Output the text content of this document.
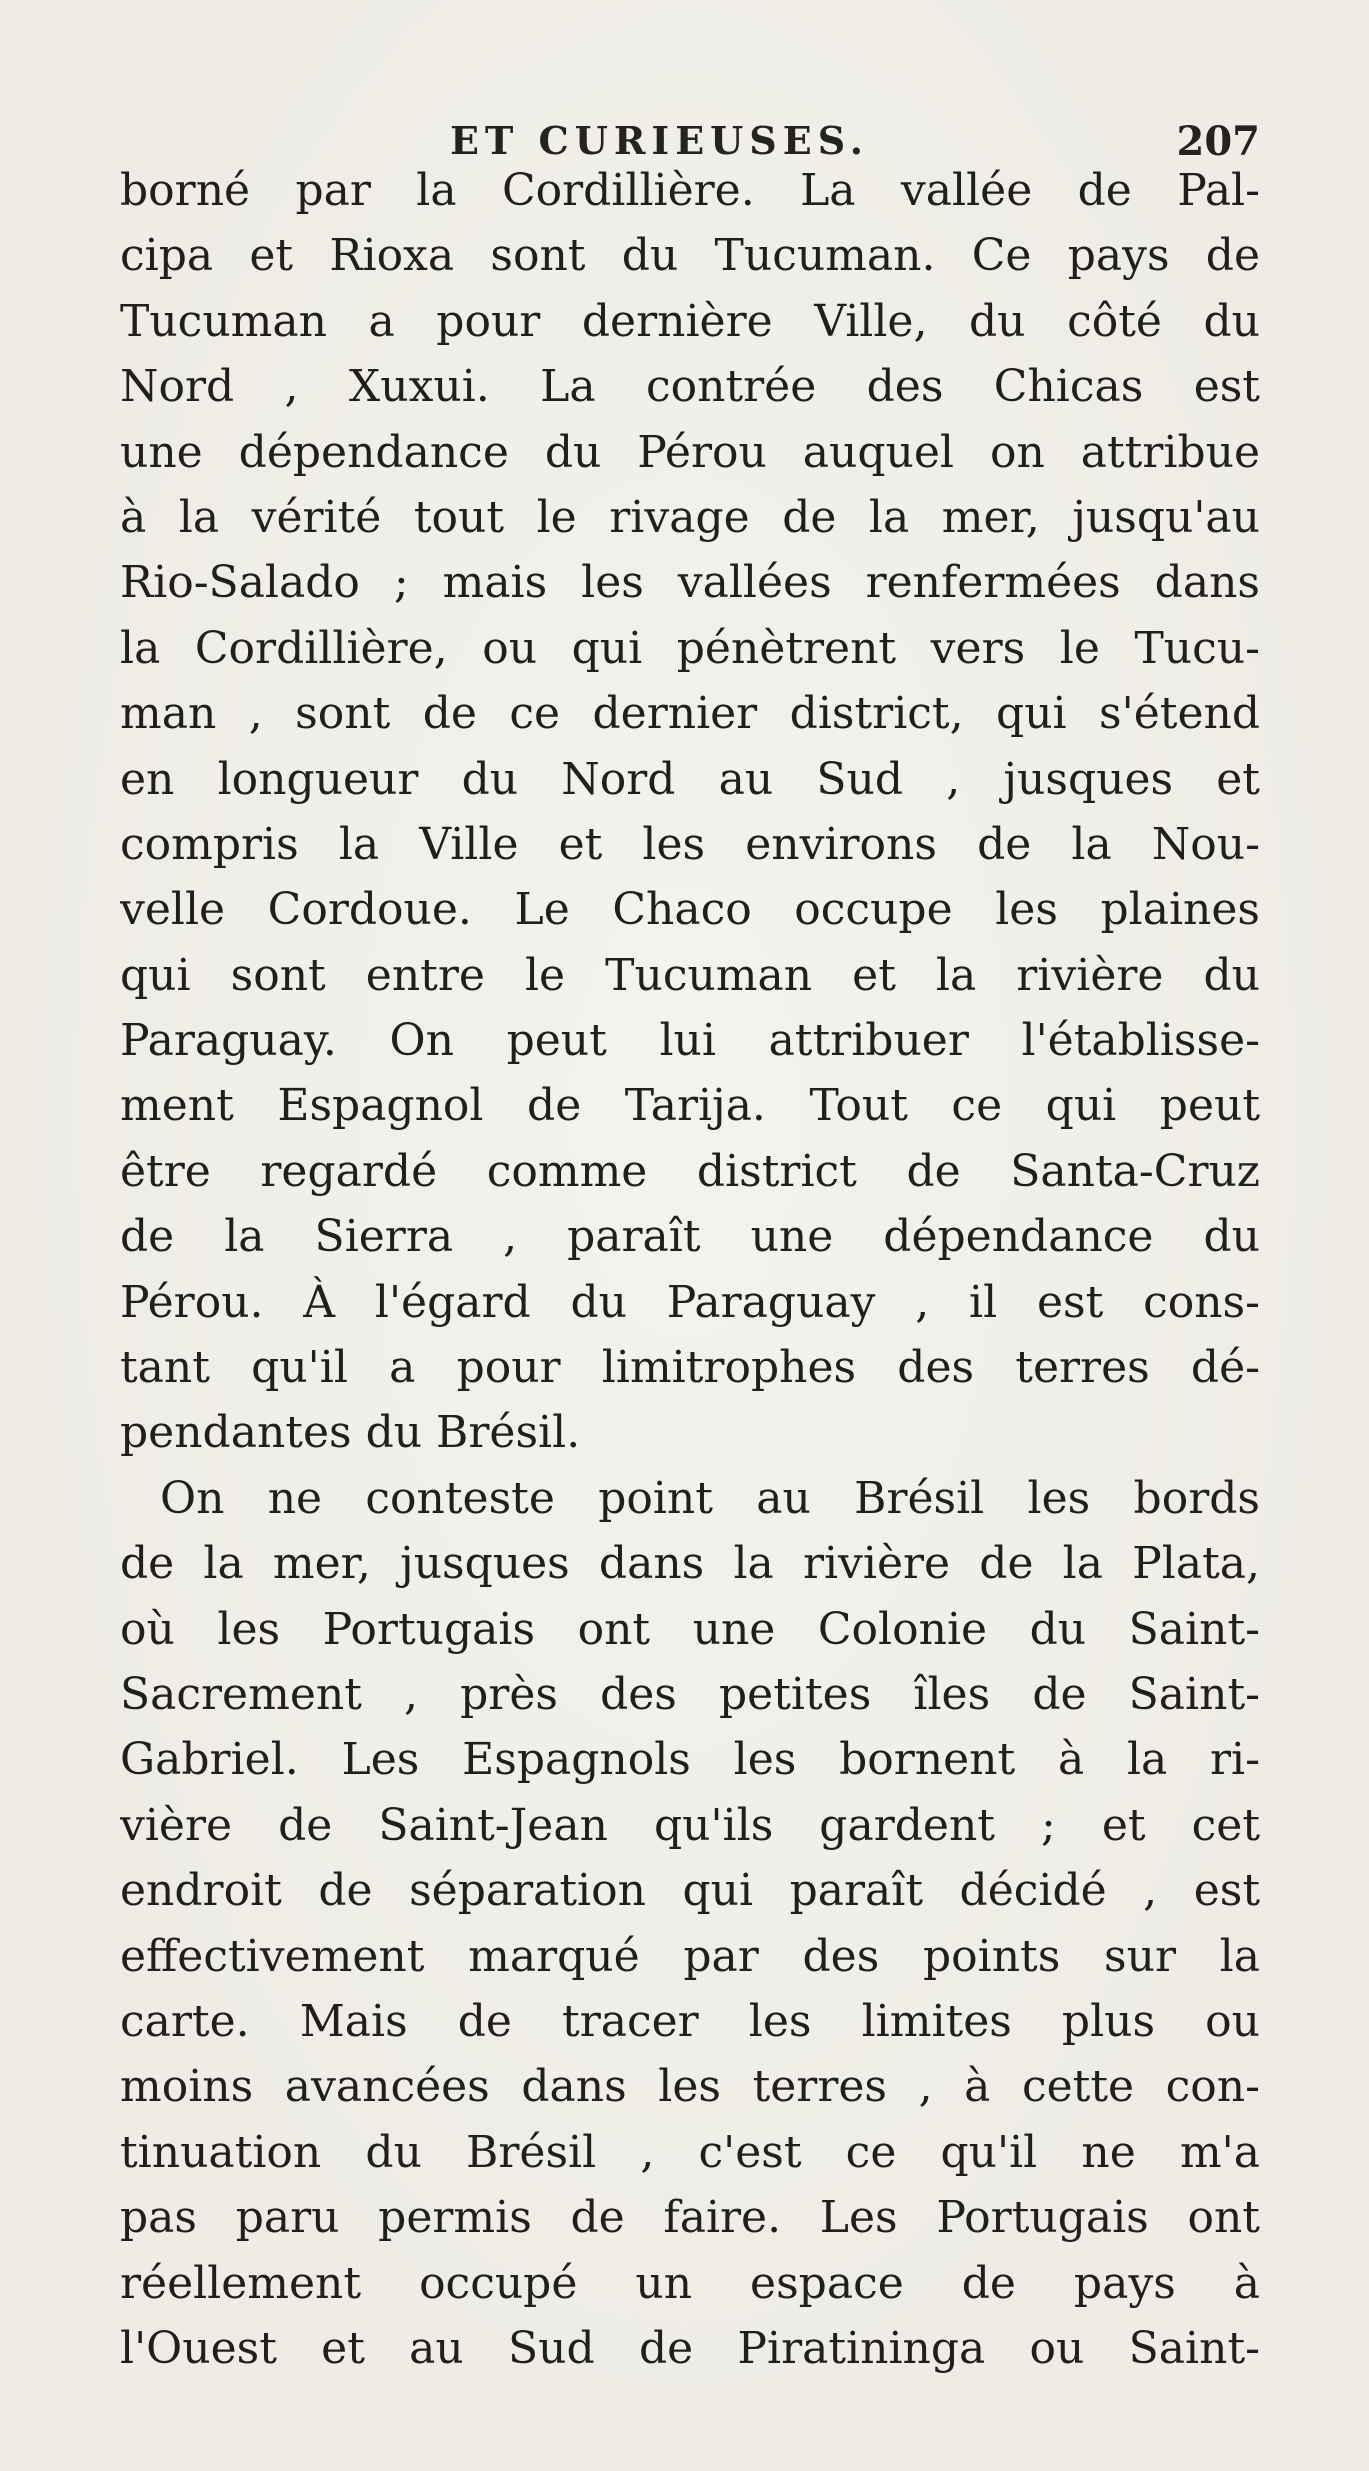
ET CURIEUSES.	207
borné par la Cordillière. La vallée de Pal-
cipa et Rioxa sont du Tucuman. Ce pays de
Tucuman a pour dernière Ville, du côté du
Nord , Xuxui. La contrée des Chicas est
une dépendance du Pérou auquel on attribue
à la vérité tout le rivage de la mer, jusqu'au
Rio-Salado ; mais les vallées renfermées dans
la Cordillière, ou qui pénètrent vers le Tucu-
man , sont de ce dernier district, qui s'étend
en longueur du Nord au Sud , jusques et
compris la Ville et les environs de la Nou-
velle Cordoue. Le Chaco occupe les plaines
qui sont entre le Tucuman et la rivière du
Paraguay. On peut lui attribuer l'établisse-
ment Espagnol de Tarija. Tout ce qui peut
être regardé comme district de Santa-Cruz
de la Sierra , paraît une dépendance du
Pérou. À l'égard du Paraguay , il est cons-
tant qu'il a pour limitrophes des terres dé-
pendantes du Brésil.
On ne conteste point au Brésil les bords
de la mer, jusques dans la rivière de la Plata,
où les Portugais ont une Colonie du Saint-
Sacrement , près des petites îles de Saint-
Gabriel. Les Espagnols les bornent à la ri-
vière de Saint-Jean qu'ils gardent ; et cet
endroit de séparation qui paraît décidé , est
effectivement marqué par des points sur la
carte. Mais de tracer les limites plus ou
moins avancées dans les terres , à cette con-
tinuation du Brésil , c'est ce qu'il ne m'a
pas paru permis de faire. Les Portugais ont
réellement occupé un espace de pays à
l'Ouest et au Sud de Piratininga ou Saint-
